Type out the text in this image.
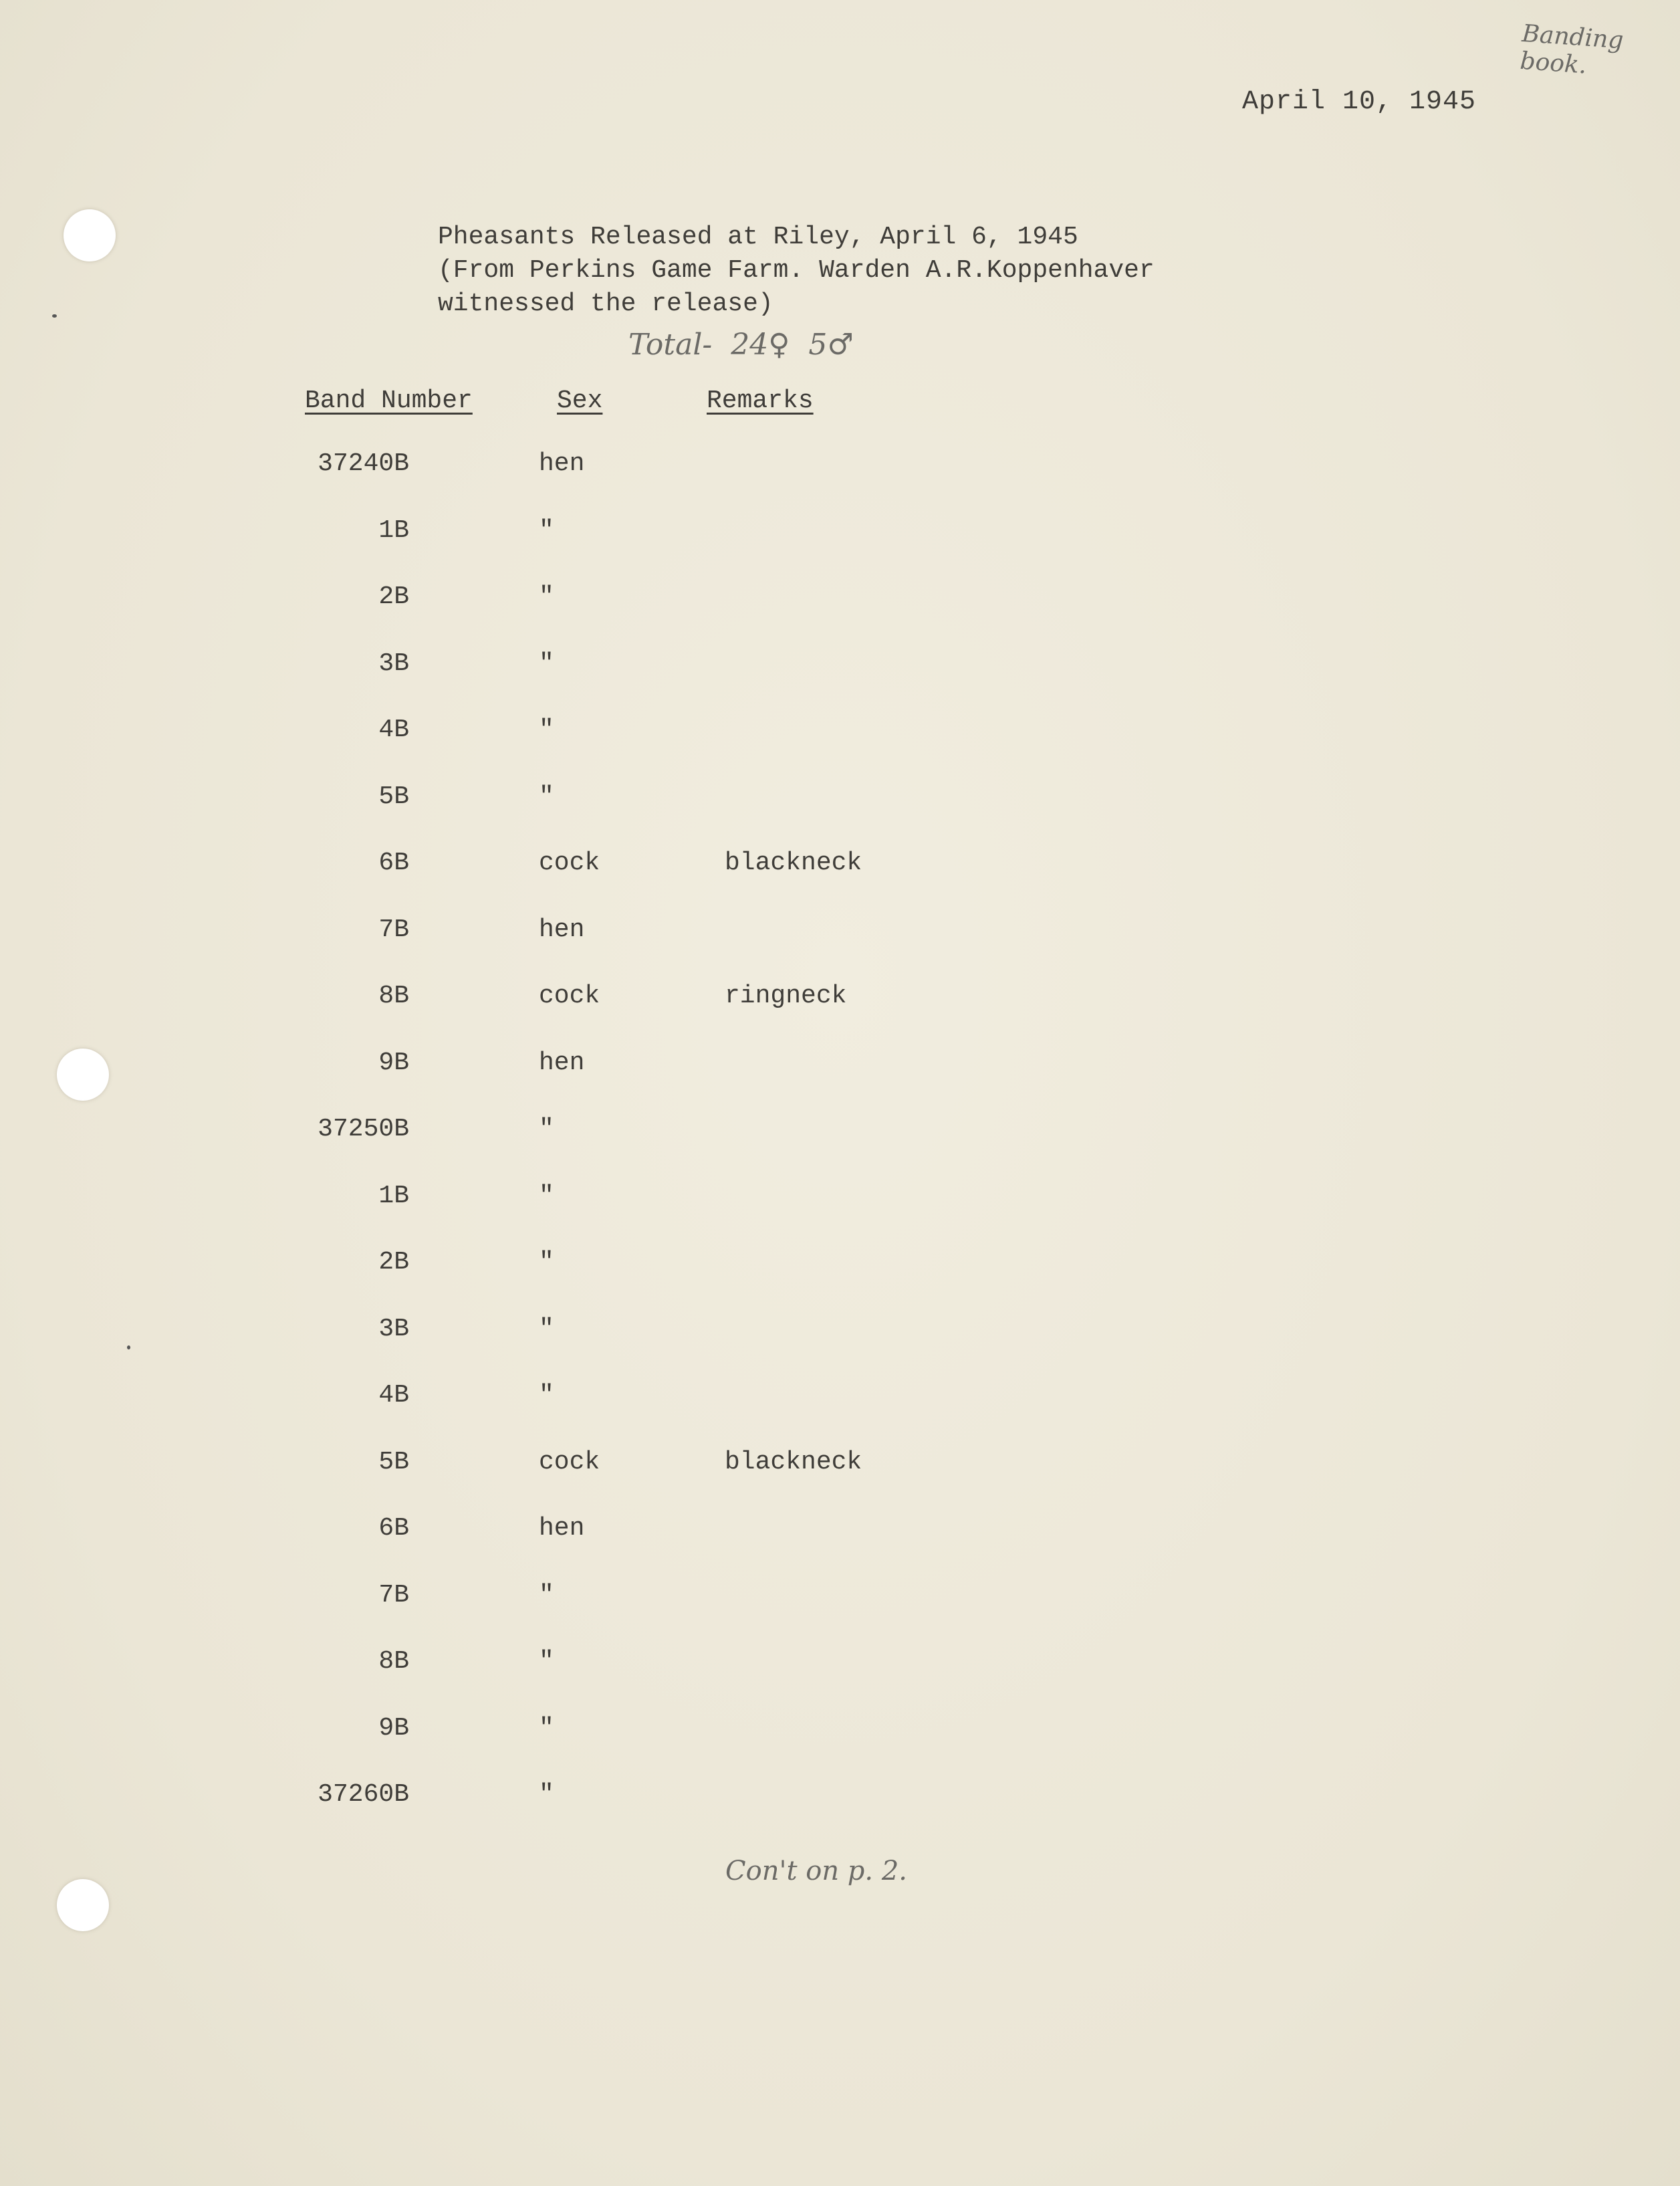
Banding book.
April 10, 1945
Pheasants Released at Riley, April 6, 1945
(From Perkins Game Farm. Warden A.R.Koppenhaver
witnessed the release)
Total-  24♀  5♂
Band Number	Sex	Remarks
37240B	hen
1B	"
2B	"
3B	"
4B	"
5B	"
6B	cock	blackneck
7B	hen
8B	cock	ringneck
9B	hen
37250B	"
1B	"
2B	"
3B	"
4B	"
5B	cock	blackneck
6B	hen
7B	"
8B	"
9B	"
37260B	"
Con't on p. 2.
